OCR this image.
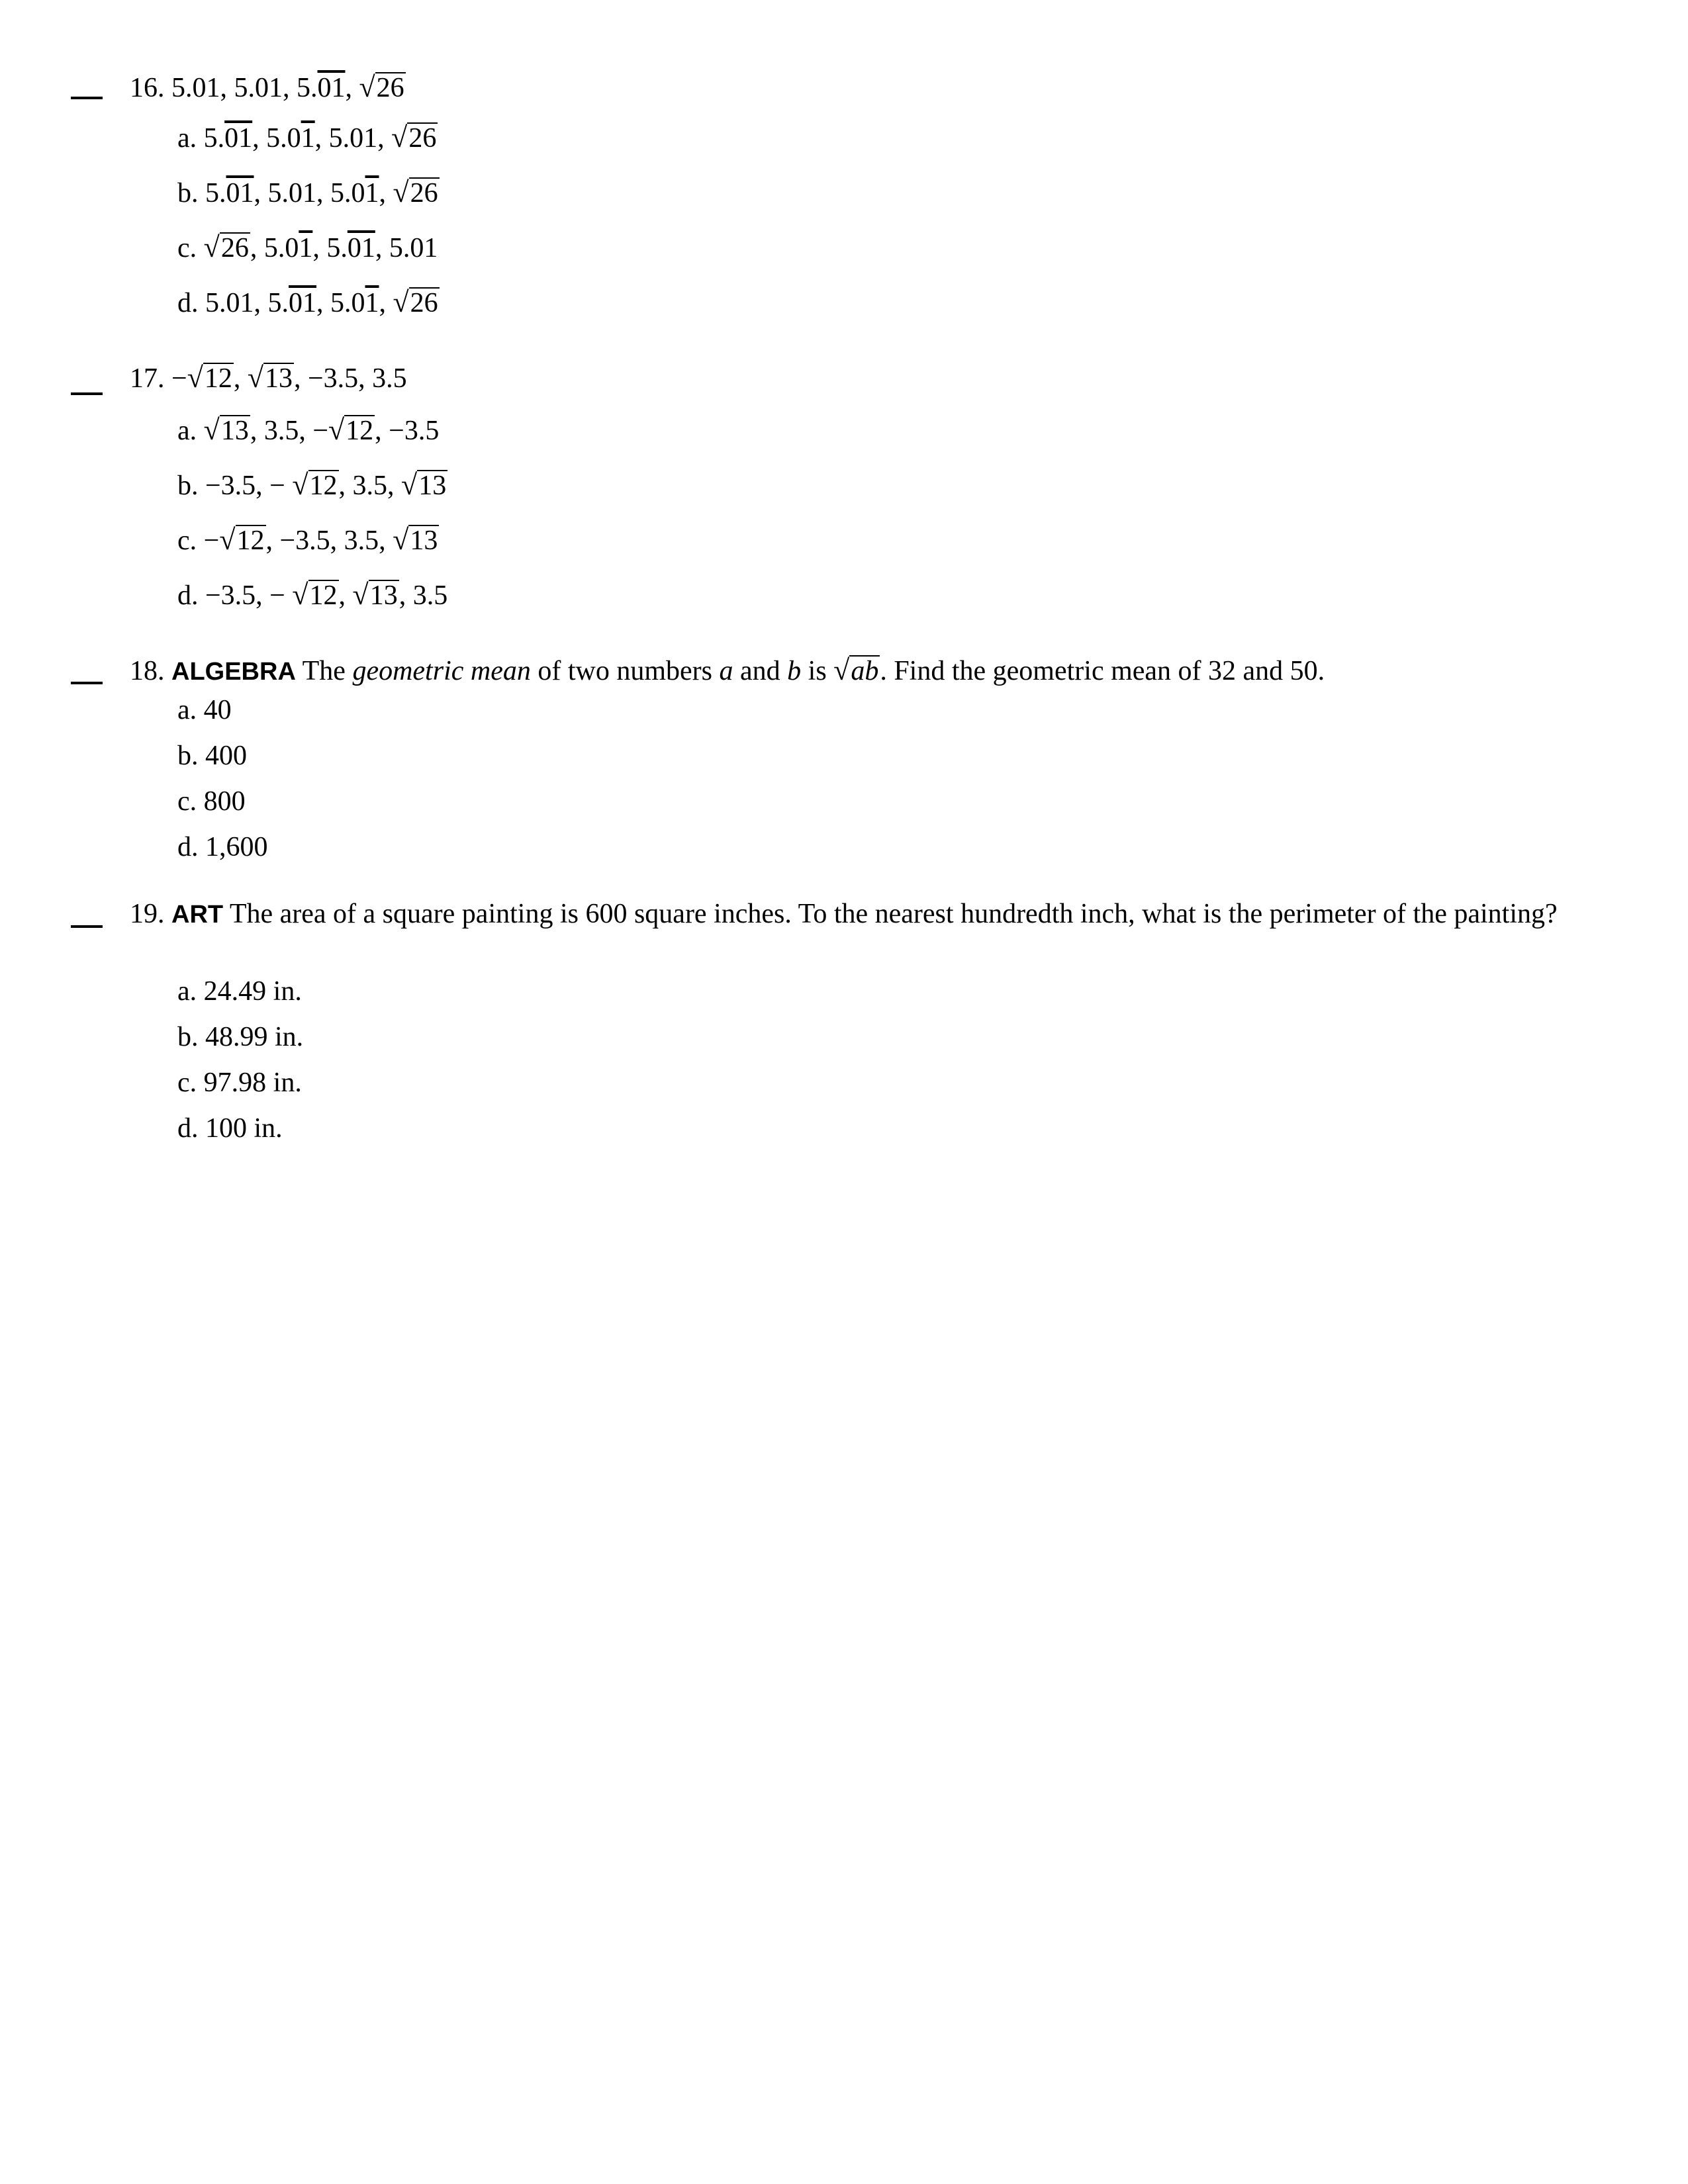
16. 5.01, 5.01, 5.01, √26
a. 5.01, 5.01, 5.01, √26
b. 5.01, 5.01, 5.01, √26
c. √26, 5.01, 5.01, 5.01
d. 5.01, 5.01, 5.01, √26
17. −√12, √13, −3.5, 3.5
a. √13, 3.5, −√12, −3.5
b. −3.5, − √12, 3.5, √13
c. −√12, −3.5, 3.5, √13
d. −3.5, − √12, √13, 3.5
18. ALGEBRA The geometric mean of two numbers a and b is √ab. Find the geometric mean of 32 and 50.
a. 40
b. 400
c. 800
d. 1,600
19. ART The area of a square painting is 600 square inches. To the nearest hundredth inch, what is the perimeter of the painting?
a. 24.49 in.
b. 48.99 in.
c. 97.98 in.
d. 100 in.
